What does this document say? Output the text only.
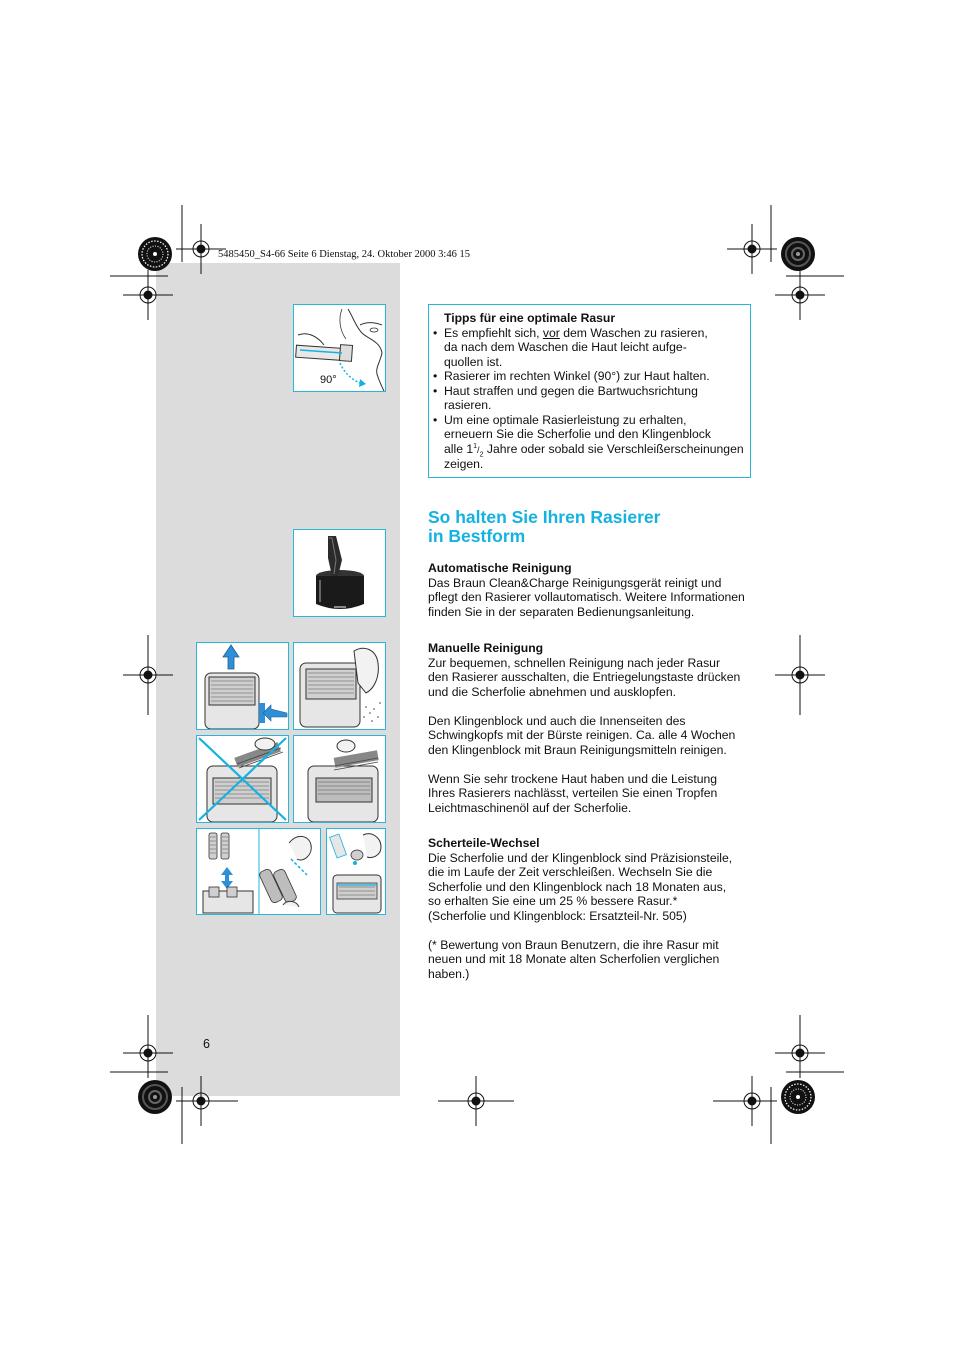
5485450_S4-66 Seite 6 Dienstag, 24. Oktober 2000 3:46 15
90°
Tipps für eine optimale Rasur
• Es empfiehlt sich, vor dem Waschen zu rasieren,
da nach dem Waschen die Haut leicht aufge-
quollen ist.
• Rasierer im rechten Winkel (90°) zur Haut halten.
• Haut straffen und gegen die Bartwuchsrichtung
rasieren.
• Um eine optimale Rasierleistung zu erhalten,
erneuern Sie die Scherfolie und den Klingenblock
alle $1^1/_2$ Jahre oder sobald sie Verschleißerscheinungen
zeigen.
So halten Sie Ihren Rasierer
in Bestform
Automatische Reinigung

Das Braun Clean&Charge Reinigungsgerät reinigt und
pflegt den Rasierer vollautomatisch. Weitere Informationen
finden Sie in der separaten Bedienungsanleitung.

Manuelle Reinigung

Zur bequemen, schnellen Reinigung nach jeder Rasur
den Rasierer ausschalten, die Entriegelungstaste drücken
und die Scherfolie abnehmen und ausklopfen.

Den Klingenblock und auch die Innenseiten des
Schwingkopfs mit der Bürste reinigen. Ca. alle 4 Wochen
den Klingenblock mit Braun Reinigungsmitteln reinigen.

Wenn Sie sehr trockene Haut haben und die Leistung
Ihres Rasierers nachlässt, verteilen Sie einen Tropfen
Leichtmaschinenöl auf der Scherfolie.

Scherteile-Wechsel

Die Scherfolie und der Klingenblock sind Präzisionsteile,
die im Laufe der Zeit verschleißen. Wechseln Sie die
Scherfolie und den Klingenblock nach 18 Monaten aus,
so erhalten Sie eine um 25 % bessere Rasur.*
(Scherfolie und Klingenblock: Ersatzteil-Nr. 505)

(* Bewertung von Braun Benutzern, die ihre Rasur mit
neuen und mit 18 Monate alten Scherfolien verglichen
haben.)

6
